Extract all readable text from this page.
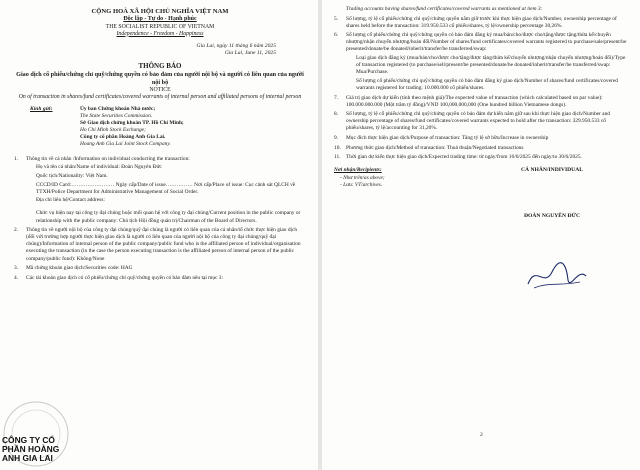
CỘNG HOÀ XÃ HỘI CHỦ NGHĨA VIỆT NAM
Độc lập - Tự do - Hạnh phúc
THE SOCIALIST REPUBLIC OF VIETNAM
Independence - Freedom - Happiness
Gia Lai, ngày 11 tháng 6 năm 2025
Gia Lai, June 11, 2025
THÔNG BÁO
Giao dịch cổ phiếu/chứng chỉ quỹ/chứng quyền có bảo đảm của người nội bộ và người có liên quan của người nội bộ
NOTICE
On of transaction in shares/fund certificates/covered warrants of internal person and affiliated persons of internal person
Kính gửi:	Ủy ban Chứng khoán Nhà nước;
The State Securities Commission.
Sở Giao dịch chứng khoán TP. Hồ Chí Minh;
Ho Chi Minh Stock Exchange;
Công ty cổ phần Hoàng Anh Gia Lai.
Hoang Anh Gia Lai Joint Stock Company.
1.	Thông tin về cá nhân /Information on individual conducting the transaction:
Họ và tên cá nhân/Name of individual: Đoàn Nguyên Đức
Quốc tịch/Nationality: Việt Nam.
CCCD/ID Card:…………………… Ngày cấp/Date of issue…………… Nơi cấp/Place of issue: Cục cảnh sát QLCH về TTXH/Police Department for Administrative Management of Social Order.
Địa chỉ liên hệ/Contact address:
Chức vụ hiện nay tại công ty đại chúng hoặc mối quan hệ với công ty đại chúng/Current position in the public company or relationship with the public company: Chủ tịch Hội đồng quản trị/Chairman of the Board of Directors.
2.	Thông tin về người nội bộ của công ty đại chúng/quỹ đại chúng là người có liên quan của cá nhân/tổ chức thực hiện giao dịch (đối với trường hợp người thực hiện giao dịch là người có liên quan của người nội bộ của công ty đại chúng/quỹ đại chúng)/Information of internal person of the public company/public fund who is the affiliated person of individual/organisation executing the transaction (in the case the person executing transaction is the affiliated person of internal person of the public company/public fund): Không/None
3.	Mã chứng khoán giao dịch/Securities code: HAG
4.	Các tài khoản giao dịch có cổ phiếu/chứng chỉ quỹ/chứng quyền có bảo đảm nêu tại mục 3:
Trading accounts having shares/fund certificates/covered warrants as mentioned at item 3:
5.	Số lượng, tỷ lệ cổ phiếu/chứng chỉ quỹ/chứng quyền nắm giữ trước khi thực hiện giao dịch/Number, ownership percentage of shares held before the transaction: 319.950.533 cổ phiếu/shares, tỷ lệ/ownership percentage 30,26%.
6.	Số lượng cổ phiếu/chứng chỉ quỹ/chứng quyền có bảo đảm đăng ký mua/bán/cho/được cho/tặng/được tặng/thừa kế/chuyển nhượng/nhận chuyển nhượng/hoán đổi/Number of shares/fund certificates/covered warrants registered to purchase/sale/present/be presented/donate/be donated/inherit/transfer/be transferred/swap:
Loại giao dịch đăng ký (mua/bán/cho/được cho/tặng/được tặng/thừa kế/chuyển nhượng/nhận chuyển nhượng/hoán đổi)/Type of transaction registered (to purchase/sell/present/be presented/donate/be donated/inherit/transfer/be transferred/swap: Mua/Purchase.
Số lượng cổ phiếu/chứng chỉ quỹ/chứng quyền có bảo đảm đăng ký giao dịch/Number of shares/fund certificates/covered warrants registered for trading: 10.000.000 cổ phiếu/shares.
7.	Giá trị giao dịch dự kiến (tính theo mệnh giá)/The expected value of transaction (which calculated based on par value): 100.000.000.000 (Một trăm tỷ đồng)/VND 100,000,000,000 (One hundred billion Vietnamese dongs).
8.	Số lượng, tỷ lệ cổ phiếu/chứng chỉ quỹ/chứng quyền có bảo đảm dự kiến nắm giữ sau khi thực hiện giao dịch/Number and ownership percentage of shares/fund certificates/covered warrants expected to hold after the transaction: 329.950.533 cổ phiếu/shares, tỷ lệ/accounting for 31,20%.
9.	Mục đích thực hiện giao dịch/Purpose of transaction: Tăng tỷ lệ sở hữu/Increase in ownership
10. Phương thức giao dịch/Method of transaction: Thoả thuận/Negotiated transactions
11.	Thời gian dự kiến thực hiện giao dịch/Expected trading time: từ ngày/from 16/6/2025 đến ngày/to 30/6/2025.
Nơi nhận/Recipients:	CÁ NHÂN/INDIVIDUAL
- Như trên/as above;
- Lưu: VT/archives.
ĐOÀN NGUYÊN ĐỨC
2
CÔNG TY CỔ
PHẦN HOÀNG
ANH GIA LAI
